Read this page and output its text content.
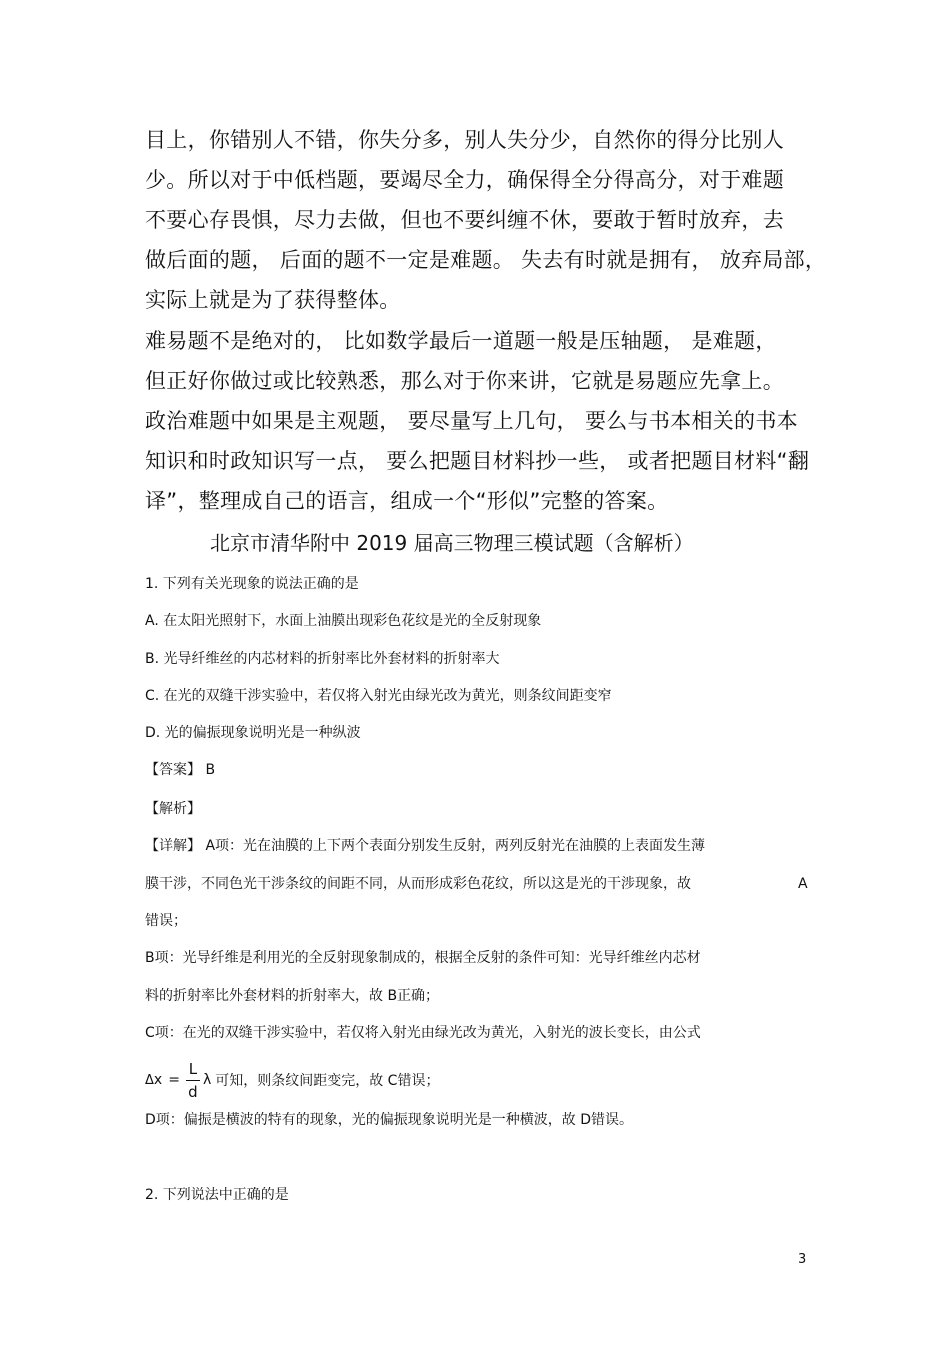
目上，你错别人不错，你失分多，别人失分少，自然你的得分比别人
少。所以对于中低档题，要竭尽全力，确保得全分得高分，对于难题
不要心存畏惧，尽力去做，但也不要纠缠不休，要敢于暂时放弃，去
做后面的题， 后面的题不一定是难题。 失去有时就是拥有， 放弃局部，
实际上就是为了获得整体。
难易题不是绝对的， 比如数学最后一道题一般是压轴题， 是难题，
但正好你做过或比较熟悉，那么对于你来讲，它就是易题应先拿上。
政治难题中如果是主观题， 要尽量写上几句， 要么与书本相关的书本
知识和时政知识写一点， 要么把题目材料抄一些， 或者把题目材料“翻
译”，整理成自己的语言，组成一个“形似”完整的答案。
北京市清华附中 2019 届高三物理三模试题（含解析）
1. 下列有关光现象的说法正确的是
A. 在太阳光照射下，水面上油膜出现彩色花纹是光的全反射现象
B. 光导纤维丝的内芯材料的折射率比外套材料的折射率大
C. 在光的双缝干涉实验中，若仅将入射光由绿光改为黄光，则条纹间距变窄
D. 光的偏振现象说明光是一种纵波
【答案】 B
【解析】
【详解】 A项：光在油膜的上下两个表面分别发生反射，两列反射光在油膜的上表面发生薄
膜干涉，不同色光干涉条纹的间距不同，从而形成彩色花纹，所以这是光的干涉现象，故	A
错误；
B项：光导纤维是利用光的全反射现象制成的，根据全反射的条件可知：光导纤维丝内芯材
料的折射率比外套材料的折射率大，故 B正确；
C项：在光的双缝干涉实验中，若仅将入射光由绿光改为黄光，入射光的波长变长，由公式
Δ $x = \frac{L}{d}$ λ 可知，则条纹间距变完，故 C错误；
D项：偏振是横波的特有的现象，光的偏振现象说明光是一种横波，故 D错误。
2. 下列说法中正确的是
3
